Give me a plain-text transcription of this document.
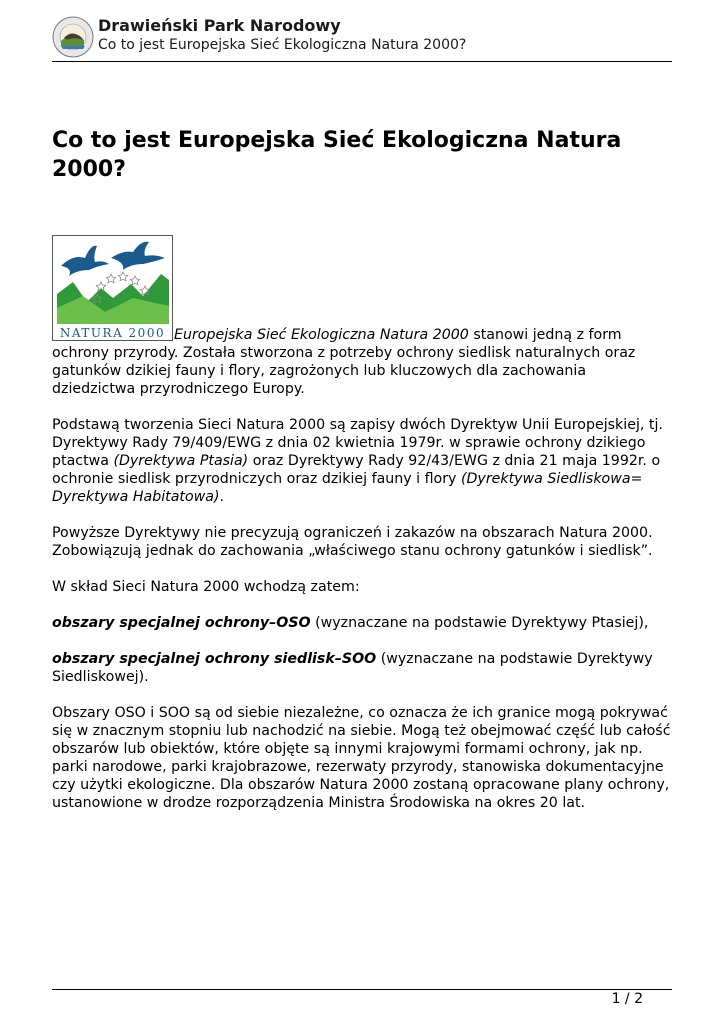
Drawieński Park Narodowy
Co to jest Europejska Sieć Ekologiczna Natura 2000?
Co to jest Europejska Sieć Ekologiczna Natura 2000?
NATURA 2000 Europejska Sieć Ekologiczna Natura 2000 stanowi jedną z form ochrony przyrody. Została stworzona z potrzeby ochrony siedlisk naturalnych oraz gatunków dzikiej fauny i flory, zagrożonych lub kluczowych dla zachowania dziedzictwa przyrodniczego Europy.

Podstawą tworzenia Sieci Natura 2000 są zapisy dwóch Dyrektyw Unii Europejskiej, tj. Dyrektywy Rady 79/409/EWG z dnia 02 kwietnia 1979r. w sprawie ochrony dzikiego ptactwa (Dyrektywa Ptasia) oraz Dyrektywy Rady 92/43/EWG z dnia 21 maja 1992r. o ochronie siedlisk przyrodniczych oraz dzikiej fauny i flory (Dyrektywa Siedliskowa= Dyrektywa Habitatowa).

Powyższe Dyrektywy nie precyzują ograniczeń i zakazów na obszarach Natura 2000. Zobowiązują jednak do zachowania „właściwego stanu ochrony gatunków i siedlisk”.

W skład Sieci Natura 2000 wchodzą zatem:

obszary specjalnej ochrony–OSO (wyznaczane na podstawie Dyrektywy Ptasiej),

obszary specjalnej ochrony siedlisk–SOO (wyznaczane na podstawie Dyrektywy Siedliskowej).

Obszary OSO i SOO są od siebie niezależne, co oznacza że ich granice mogą pokrywać się w znacznym stopniu lub nachodzić na siebie. Mogą też obejmować część lub całość obszarów lub obiektów, które objęte są innymi krajowymi formami ochrony, jak np. parki narodowe, parki krajobrazowe, rezerwaty przyrody, stanowiska dokumentacyjne czy użytki ekologiczne. Dla obszarów Natura 2000 zostaną opracowane plany ochrony, ustanowione w drodze rozporządzenia Ministra Środowiska na okres 20 lat.

1 / 2
